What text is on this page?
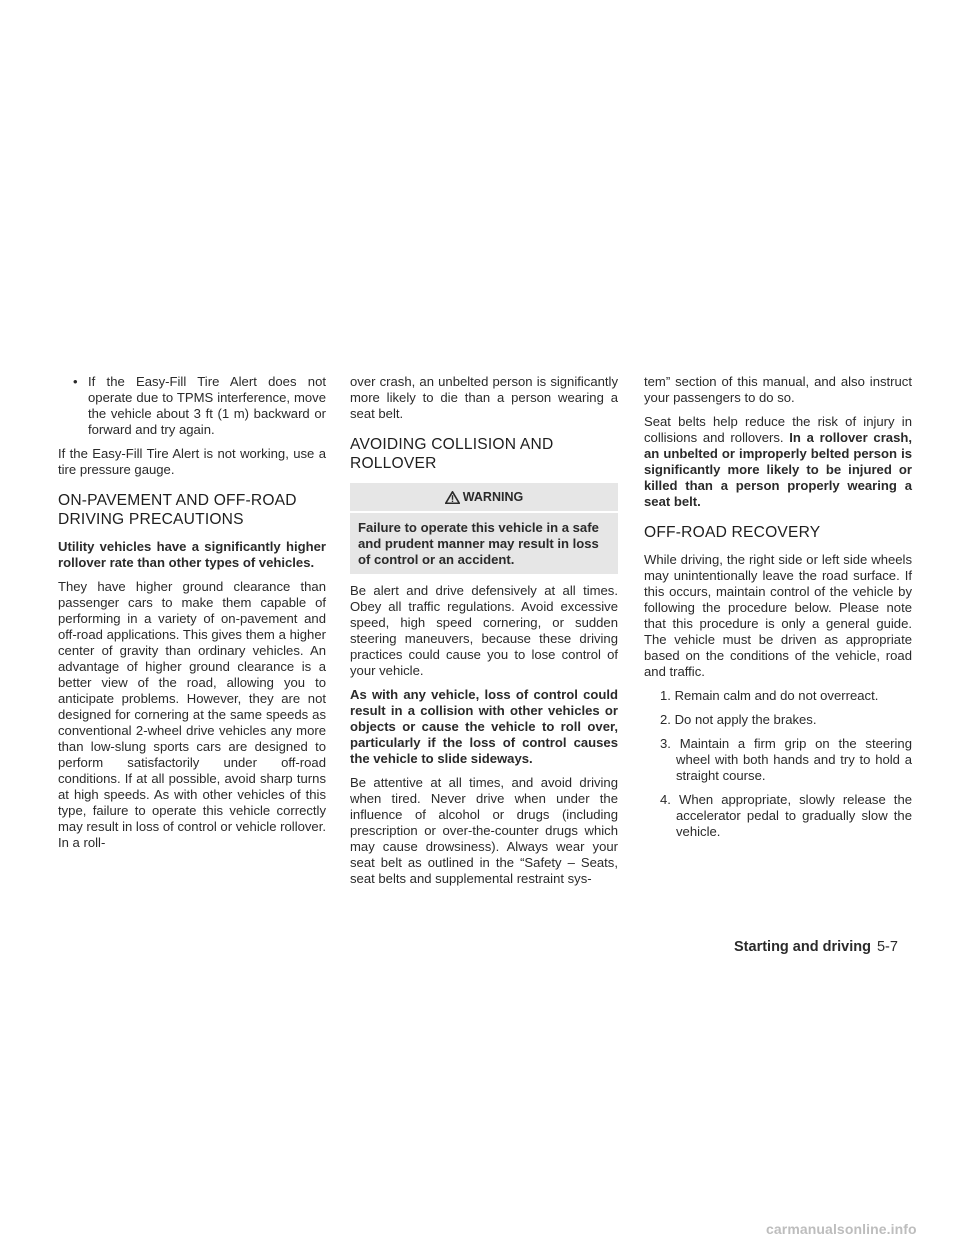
• If the Easy-Fill Tire Alert does not operate due to TPMS interference, move the vehicle about 3 ft (1 m) backward or forward and try again.

If the Easy-Fill Tire Alert is not working, use a tire pressure gauge.

ON-PAVEMENT AND OFF-ROAD DRIVING PRECAUTIONS

Utility vehicles have a significantly higher rollover rate than other types of vehicles.

They have higher ground clearance than passenger cars to make them capable of performing in a variety of on-pavement and off-road applications. This gives them a higher center of gravity than ordinary vehicles. An advantage of higher ground clearance is a better view of the road, allowing you to anticipate problems. However, they are not designed for cornering at the same speeds as conventional 2-wheel drive vehicles any more than low-slung sports cars are designed to perform satisfactorily under off-road conditions. If at all possible, avoid sharp turns at high speeds. As with other vehicles of this type, failure to operate this vehicle correctly may result in loss of control or vehicle rollover. In a roll-

over crash, an unbelted person is significantly more likely to die than a person wearing a seat belt.

AVOIDING COLLISION AND ROLLOVER
WARNING
Failure to operate this vehicle in a safe and prudent manner may result in loss of control or an accident.

Be alert and drive defensively at all times. Obey all traffic regulations. Avoid excessive speed, high speed cornering, or sudden steering maneuvers, because these driving practices could cause you to lose control of your vehicle.

As with any vehicle, loss of control could result in a collision with other vehicles or objects or cause the vehicle to roll over, particularly if the loss of control causes the vehicle to slide sideways.

Be attentive at all times, and avoid driving when tired. Never drive when under the influence of alcohol or drugs (including prescription or over-the-counter drugs which may cause drowsiness). Always wear your seat belt as outlined in the “Safety – Seats, seat belts and supplemental restraint sys-

tem” section of this manual, and also instruct your passengers to do so.

Seat belts help reduce the risk of injury in collisions and rollovers. In a rollover crash, an unbelted or improperly belted person is significantly more likely to be injured or killed than a person properly wearing a seat belt.

OFF-ROAD RECOVERY

While driving, the right side or left side wheels may unintentionally leave the road surface. If this occurs, maintain control of the vehicle by following the procedure below. Please note that this procedure is only a general guide. The vehicle must be driven as appropriate based on the conditions of the vehicle, road and traffic.

1. Remain calm and do not overreact.

2. Do not apply the brakes.

3. Maintain a firm grip on the steering wheel with both hands and try to hold a straight course.

4. When appropriate, slowly release the accelerator pedal to gradually slow the vehicle.

Starting and driving 5-7
carmanualsonline.info
